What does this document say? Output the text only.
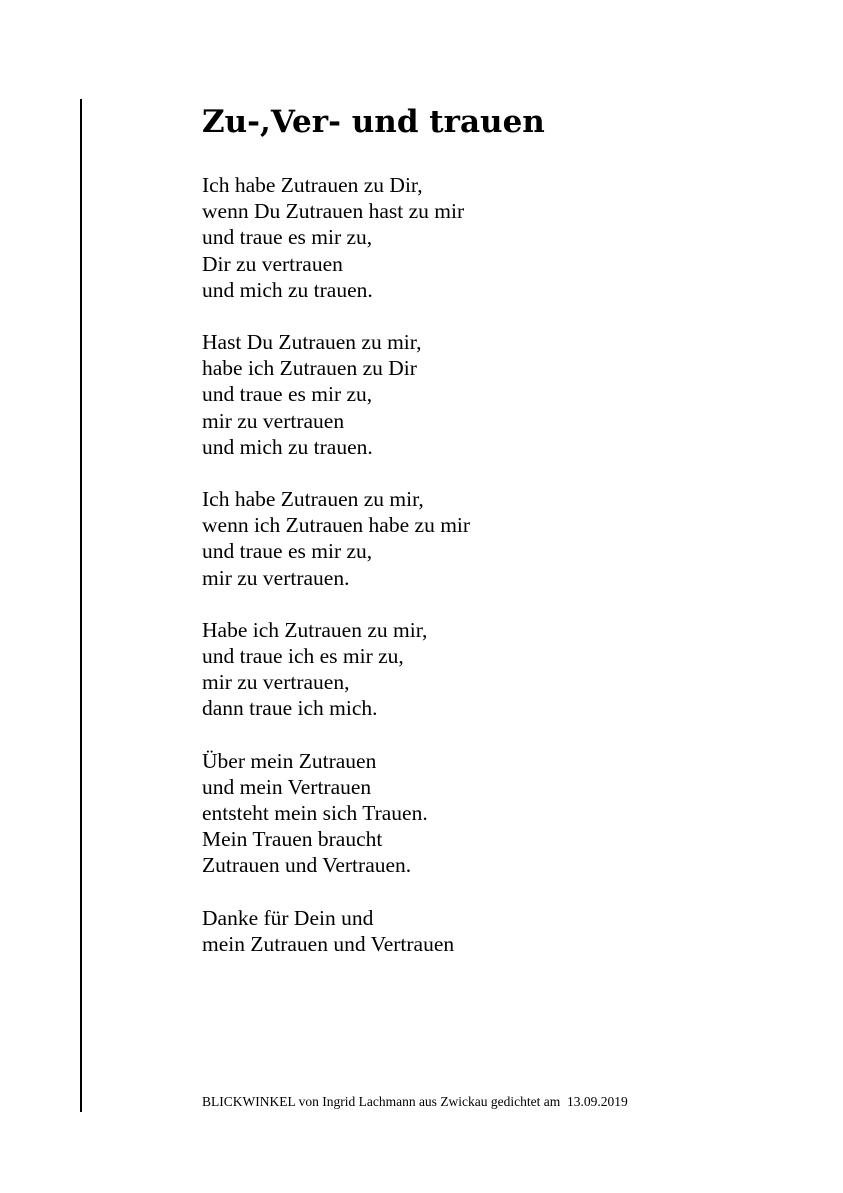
Zu-,Ver- und trauen
Ich habe Zutrauen zu Dir,
wenn Du Zutrauen hast zu mir
und traue es mir zu,
Dir zu vertrauen
und mich zu trauen.
Hast Du Zutrauen zu mir,
habe ich Zutrauen zu Dir
und traue es mir zu,
mir zu vertrauen
und mich zu trauen.
Ich habe Zutrauen zu mir,
wenn ich Zutrauen habe zu mir
und traue es mir zu,
mir zu vertrauen.
Habe ich Zutrauen zu mir,
und traue ich es mir zu,
mir zu vertrauen,
dann traue ich mich.
Über mein Zutrauen
und mein Vertrauen
entsteht mein sich Trauen.
Mein Trauen braucht
Zutrauen und Vertrauen.
Danke für Dein und
mein Zutrauen und Vertrauen
BLICKWINKEL von Ingrid Lachmann aus Zwickau gedichtet am  13.09.2019
